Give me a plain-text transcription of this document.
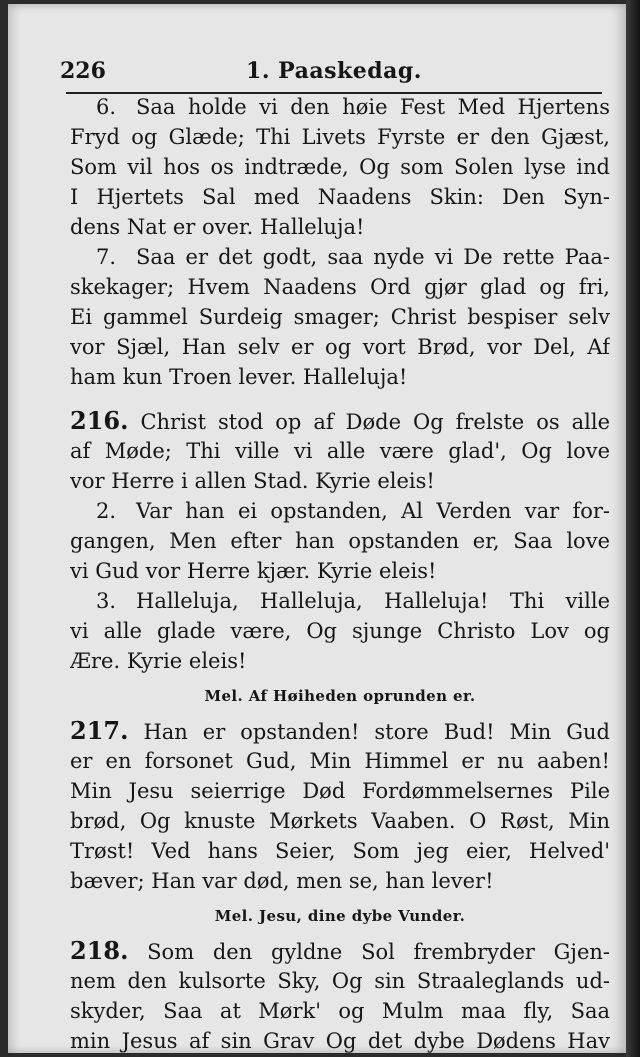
226	1. Paaskedag.
6. Saa holde vi den høie Fest Med Hjertens
Fryd og Glæde; Thi Livets Fyrste er den Gjæst,
Som vil hos os indtræde, Og som Solen lyse ind
I Hjertets Sal med Naadens Skin: Den Syn-
dens Nat er over. Halleluja!
7. Saa er det godt, saa nyde vi De rette Paa-
skekager; Hvem Naadens Ord gjør glad og fri,
Ei gammel Surdeig smager; Christ bespiser selv
vor Sjæl, Han selv er og vort Brød, vor Del, Af
ham kun Troen lever. Halleluja!
216. Christ stod op af Døde Og frelste os alle
af Møde; Thi ville vi alle være glad', Og love
vor Herre i allen Stad. Kyrie eleis!
2. Var han ei opstanden, Al Verden var for-
gangen, Men efter han opstanden er, Saa love
vi Gud vor Herre kjær. Kyrie eleis!
3. Halleluja, Halleluja, Halleluja! Thi ville
vi alle glade være, Og sjunge Christo Lov og
Ære. Kyrie eleis!
Mel. Af Høiheden oprunden er.
217. Han er opstanden! store Bud! Min Gud
er en forsonet Gud, Min Himmel er nu aaben!
Min Jesu seierrige Død Fordømmelsernes Pile
brød, Og knuste Mørkets Vaaben. O Røst, Min
Trøst! Ved hans Seier, Som jeg eier, Helved'
bæver; Han var død, men se, han lever!
Mel. Jesu, dine dybe Vunder.
218. Som den gyldne Sol frembryder Gjen-
nem den kulsorte Sky, Og sin Straaleglands ud-
skyder, Saa at Mørk' og Mulm maa fly, Saa
min Jesus af sin Grav Og det dybe Dødens Hav
